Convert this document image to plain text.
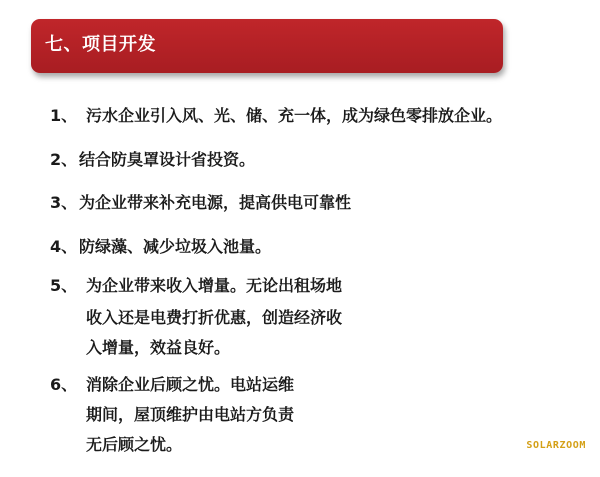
七、项目开发
1、 污水企业引入风、光、储、充一体，成为绿色零排放企业。
2、 结合防臭罩设计省投资。
3、 为企业带来补充电源，提高供电可靠性
4、 防绿藻、减少垃圾入池量。
5、 为企业带来收入增量。无论出租场地
收入还是电费打折优惠，创造经济收
入增量，效益良好。
6、 消除企业后顾之忧。电站运维
期间，屋顶维护由电站方负责
无后顾之忧。	SOLARZOOM
